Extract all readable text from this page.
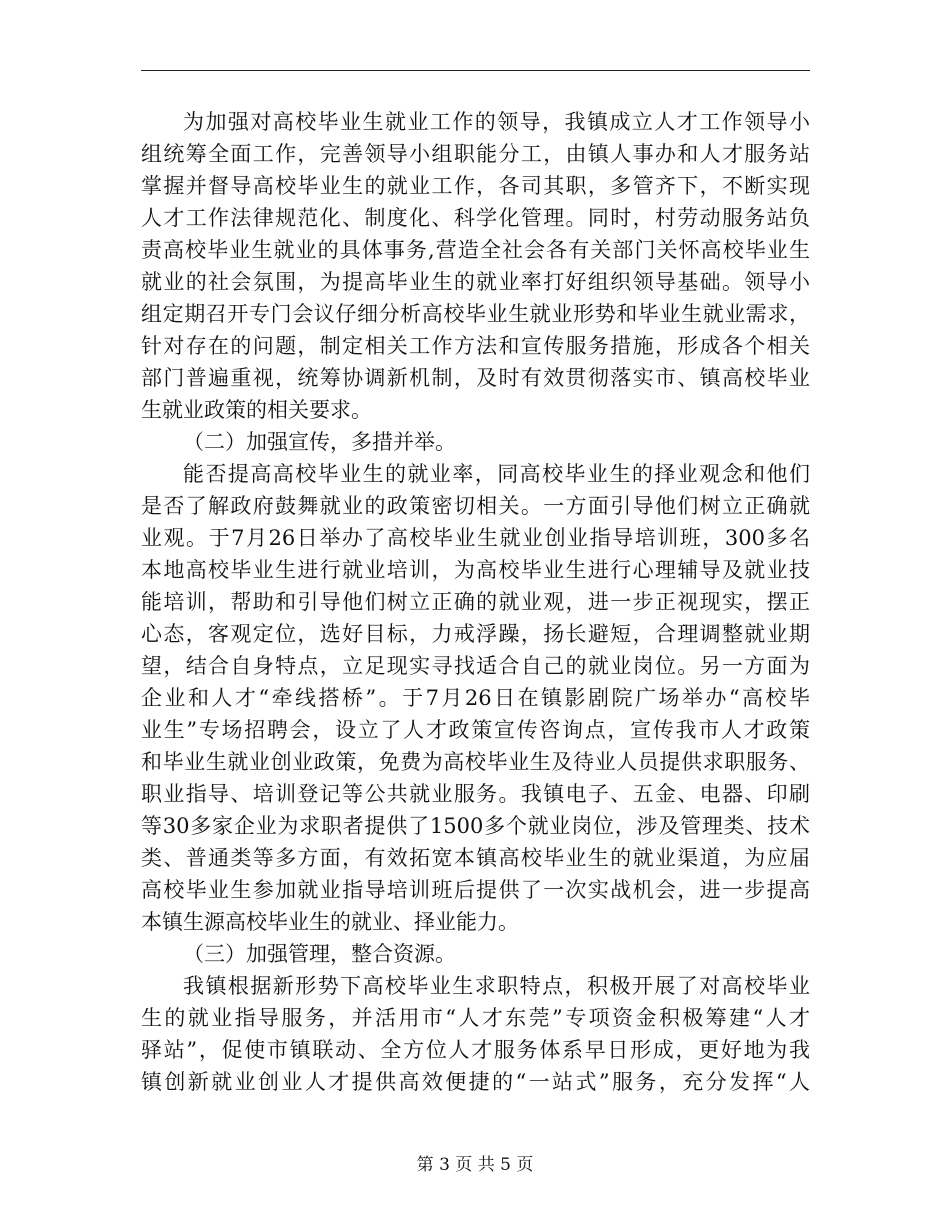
为加强对高校毕业生就业工作的领导，我镇成立人才工作领导小
组统筹全面工作，完善领导小组职能分工，由镇人事办和人才服务站
掌握并督导高校毕业生的就业工作，各司其职，多管齐下，不断实现
人才工作法律规范化、制度化、科学化管理。同时，村劳动服务站负
责高校毕业生就业的具体事务,营造全社会各有关部门关怀高校毕业生
就业的社会氛围，为提高毕业生的就业率打好组织领导基础。领导小
组定期召开专门会议仔细分析高校毕业生就业形势和毕业生就业需求，
针对存在的问题，制定相关工作方法和宣传服务措施，形成各个相关
部门普遍重视，统筹协调新机制，及时有效贯彻落实市、镇高校毕业
生就业政策的相关要求。
（二）加强宣传，多措并举。
能否提高高校毕业生的就业率，同高校毕业生的择业观念和他们
是否了解政府鼓舞就业的政策密切相关。一方面引导他们树立正确就
业观。于7月26日举办了高校毕业生就业创业指导培训班，300多名
本地高校毕业生进行就业培训，为高校毕业生进行心理辅导及就业技
能培训，帮助和引导他们树立正确的就业观，进一步正视现实，摆正
心态，客观定位，选好目标，力戒浮躁，扬长避短，合理调整就业期
望，结合自身特点，立足现实寻找适合自己的就业岗位。另一方面为
企业和人才“牵线搭桥”。于7月26日在镇影剧院广场举办“高校毕
业生”专场招聘会，设立了人才政策宣传咨询点，宣传我市人才政策
和毕业生就业创业政策，免费为高校毕业生及待业人员提供求职服务、
职业指导、培训登记等公共就业服务。我镇电子、五金、电器、印刷
等30多家企业为求职者提供了1500多个就业岗位，涉及管理类、技术
类、普通类等多方面，有效拓宽本镇高校毕业生的就业渠道，为应届
高校毕业生参加就业指导培训班后提供了一次实战机会，进一步提高
本镇生源高校毕业生的就业、择业能力。
（三）加强管理，整合资源。
我镇根据新形势下高校毕业生求职特点，积极开展了对高校毕业
生的就业指导服务，并活用市“人才东莞”专项资金积极筹建“人才
驿站”，促使市镇联动、全方位人才服务体系早日形成，更好地为我
镇创新就业创业人才提供高效便捷的“一站式”服务，充分发挥“人
第 3 页 共 5 页
